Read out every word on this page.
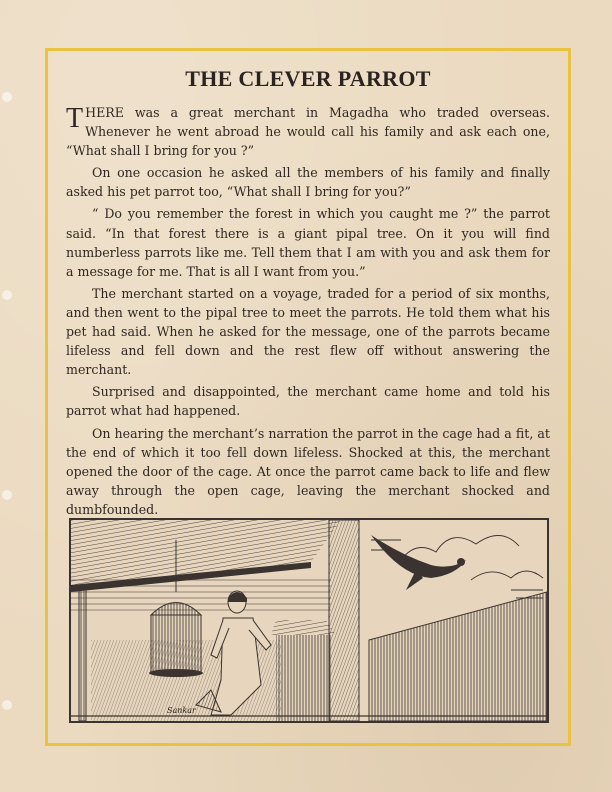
THE CLEVER PARROT

THERE was a great merchant in Magadha who traded overseas. Whenever he went abroad he would call his family and ask each one, “What shall I bring for you ?”

On one occasion he asked all the members of his family and finally asked his pet parrot too, “What shall I bring for you?”

“ Do you remember the forest in which you caught me ?” the parrot said. “In that forest there is a giant pipal tree. On it you will find numberless parrots like me. Tell them that I am with you and ask them for a message for me. That is all I want from you.”

The merchant started on a voyage, traded for a period of six months, and then went to the pipal tree to meet the parrots. He told them what his pet had said. When he asked for the message, one of the parrots became lifeless and fell down and the rest flew off without answering the merchant.

Surprised and disappointed, the merchant came home and told his parrot what had happened.

On hearing the merchant’s narration the parrot in the cage had a fit, at the end of which it too fell down lifeless. Shocked at this, the merchant opened the door of the cage. At once the parrot came back to life and flew away through the open cage, leaving the merchant shocked and dumbfounded.

Sankar
